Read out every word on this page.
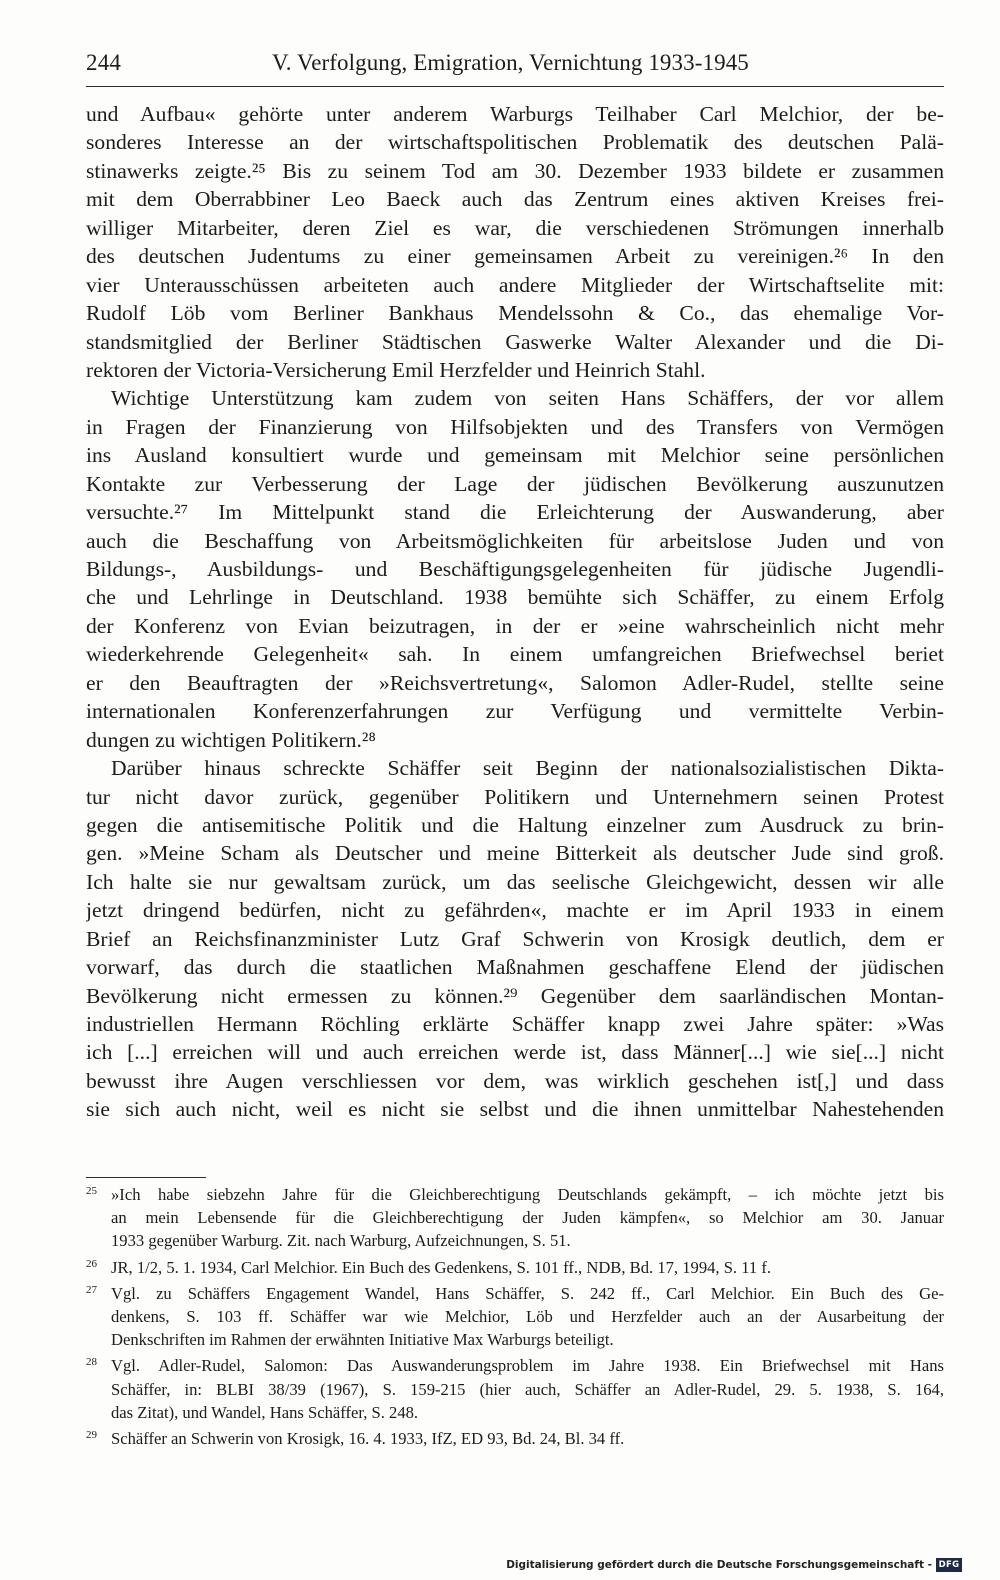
244	V. Verfolgung, Emigration, Vernichtung 1933-1945
und Aufbau« gehörte unter anderem Warburgs Teilhaber Carl Melchior, der be-
sonderes Interesse an der wirtschaftspolitischen Problematik des deutschen Palä-
stinawerks zeigte.²⁵ Bis zu seinem Tod am 30. Dezember 1933 bildete er zusammen
mit dem Oberrabbiner Leo Baeck auch das Zentrum eines aktiven Kreises frei-
williger Mitarbeiter, deren Ziel es war, die verschiedenen Strömungen innerhalb
des deutschen Judentums zu einer gemeinsamen Arbeit zu vereinigen.²⁶ In den
vier Unterausschüssen arbeiteten auch andere Mitglieder der Wirtschaftselite mit:
Rudolf Löb vom Berliner Bankhaus Mendelssohn & Co., das ehemalige Vor-
standsmitglied der Berliner Städtischen Gaswerke Walter Alexander und die Di-
rektoren der Victoria-Versicherung Emil Herzfelder und Heinrich Stahl.
Wichtige Unterstützung kam zudem von seiten Hans Schäffers, der vor allem
in Fragen der Finanzierung von Hilfsobjekten und des Transfers von Vermögen
ins Ausland konsultiert wurde und gemeinsam mit Melchior seine persönlichen
Kontakte zur Verbesserung der Lage der jüdischen Bevölkerung auszunutzen
versuchte.²⁷ Im Mittelpunkt stand die Erleichterung der Auswanderung, aber
auch die Beschaffung von Arbeitsmöglichkeiten für arbeitslose Juden und von
Bildungs-, Ausbildungs- und Beschäftigungsgelegenheiten für jüdische Jugendli-
che und Lehrlinge in Deutschland. 1938 bemühte sich Schäffer, zu einem Erfolg
der Konferenz von Evian beizutragen, in der er »eine wahrscheinlich nicht mehr
wiederkehrende Gelegenheit« sah. In einem umfangreichen Briefwechsel beriet
er den Beauftragten der »Reichsvertretung«, Salomon Adler-Rudel, stellte seine
internationalen Konferenzerfahrungen zur Verfügung und vermittelte Verbin-
dungen zu wichtigen Politikern.²⁸
Darüber hinaus schreckte Schäffer seit Beginn der nationalsozialistischen Dikta-
tur nicht davor zurück, gegenüber Politikern und Unternehmern seinen Protest
gegen die antisemitische Politik und die Haltung einzelner zum Ausdruck zu brin-
gen. »Meine Scham als Deutscher und meine Bitterkeit als deutscher Jude sind groß.
Ich halte sie nur gewaltsam zurück, um das seelische Gleichgewicht, dessen wir alle
jetzt dringend bedürfen, nicht zu gefährden«, machte er im April 1933 in einem
Brief an Reichsfinanzminister Lutz Graf Schwerin von Krosigk deutlich, dem er
vorwarf, das durch die staatlichen Maßnahmen geschaffene Elend der jüdischen
Bevölkerung nicht ermessen zu können.²⁹ Gegenüber dem saarländischen Montan-
industriellen Hermann Röchling erklärte Schäffer knapp zwei Jahre später: »Was
ich [...] erreichen will und auch erreichen werde ist, dass Männer[...] wie sie[...] nicht
bewusst ihre Augen verschliessen vor dem, was wirklich geschehen ist[,] und dass
sie sich auch nicht, weil es nicht sie selbst und die ihnen unmittelbar Nahestehenden
25 »Ich habe siebzehn Jahre für die Gleichberechtigung Deutschlands gekämpft, – ich möchte jetzt bis
an mein Lebensende für die Gleichberechtigung der Juden kämpfen«, so Melchior am 30. Januar
1933 gegenüber Warburg. Zit. nach Warburg, Aufzeichnungen, S. 51.
26 JR, 1/2, 5. 1. 1934, Carl Melchior. Ein Buch des Gedenkens, S. 101 ff., NDB, Bd. 17, 1994, S. 11 f.
27 Vgl. zu Schäffers Engagement Wandel, Hans Schäffer, S. 242 ff., Carl Melchior. Ein Buch des Ge-
denkens, S. 103 ff. Schäffer war wie Melchior, Löb und Herzfelder auch an der Ausarbeitung der
Denkschriften im Rahmen der erwähnten Initiative Max Warburgs beteiligt.
28 Vgl. Adler-Rudel, Salomon: Das Auswanderungsproblem im Jahre 1938. Ein Briefwechsel mit Hans
Schäffer, in: BLBI 38/39 (1967), S. 159-215 (hier auch, Schäffer an Adler-Rudel, 29. 5. 1938, S. 164,
das Zitat), und Wandel, Hans Schäffer, S. 248.
29 Schäffer an Schwerin von Krosigk, 16. 4. 1933, IfZ, ED 93, Bd. 24, Bl. 34 ff.
Digitalisierung gefördert durch die Deutsche Forschungsgemeinschaft - DFG
